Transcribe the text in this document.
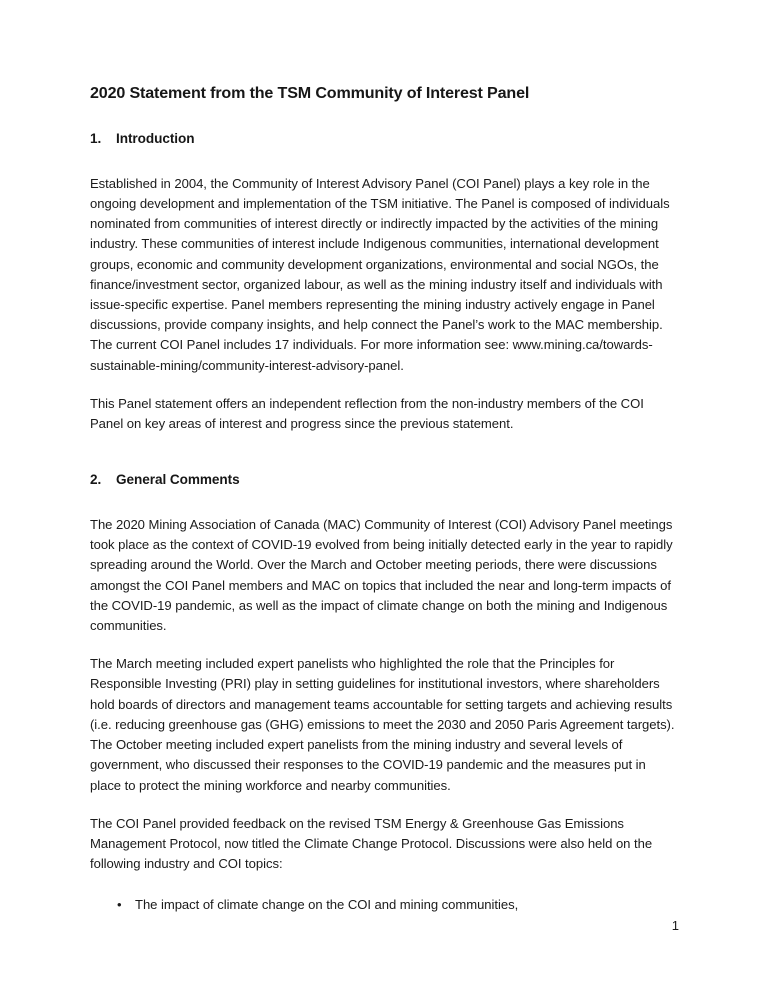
2020 Statement from the TSM Community of Interest Panel
1.	Introduction

Established in 2004, the Community of Interest Advisory Panel (COI Panel) plays a key role in the ongoing development and implementation of the TSM initiative. The Panel is composed of individuals nominated from communities of interest directly or indirectly impacted by the activities of the mining industry. These communities of interest include Indigenous communities, international development groups, economic and community development organizations, environmental and social NGOs, the finance/investment sector, organized labour, as well as the mining industry itself and individuals with issue-specific expertise. Panel members representing the mining industry actively engage in Panel discussions, provide company insights, and help connect the Panel’s work to the MAC membership. The current COI Panel includes 17 individuals. For more information see: www.mining.ca/towards-sustainable-mining/community-interest-advisory-panel.

This Panel statement offers an independent reflection from the non-industry members of the COI Panel on key areas of interest and progress since the previous statement.

2.	General Comments

The 2020 Mining Association of Canada (MAC) Community of Interest (COI) Advisory Panel meetings took place as the context of COVID-19 evolved from being initially detected early in the year to rapidly spreading around the World. Over the March and October meeting periods, there were discussions amongst the COI Panel members and MAC on topics that included the near and long-term impacts of the COVID-19 pandemic, as well as the impact of climate change on both the mining and Indigenous communities.

The March meeting included expert panelists who highlighted the role that the Principles for Responsible Investing (PRI) play in setting guidelines for institutional investors, where shareholders hold boards of directors and management teams accountable for setting targets and achieving results (i.e. reducing greenhouse gas (GHG) emissions to meet the 2030 and 2050 Paris Agreement targets). The October meeting included expert panelists from the mining industry and several levels of government, who discussed their responses to the COVID-19 pandemic and the measures put in place to protect the mining workforce and nearby communities.

The COI Panel provided feedback on the revised TSM Energy & Greenhouse Gas Emissions Management Protocol, now titled the Climate Change Protocol. Discussions were also held on the following industry and COI topics:

• The impact of climate change on the COI and mining communities,
1
